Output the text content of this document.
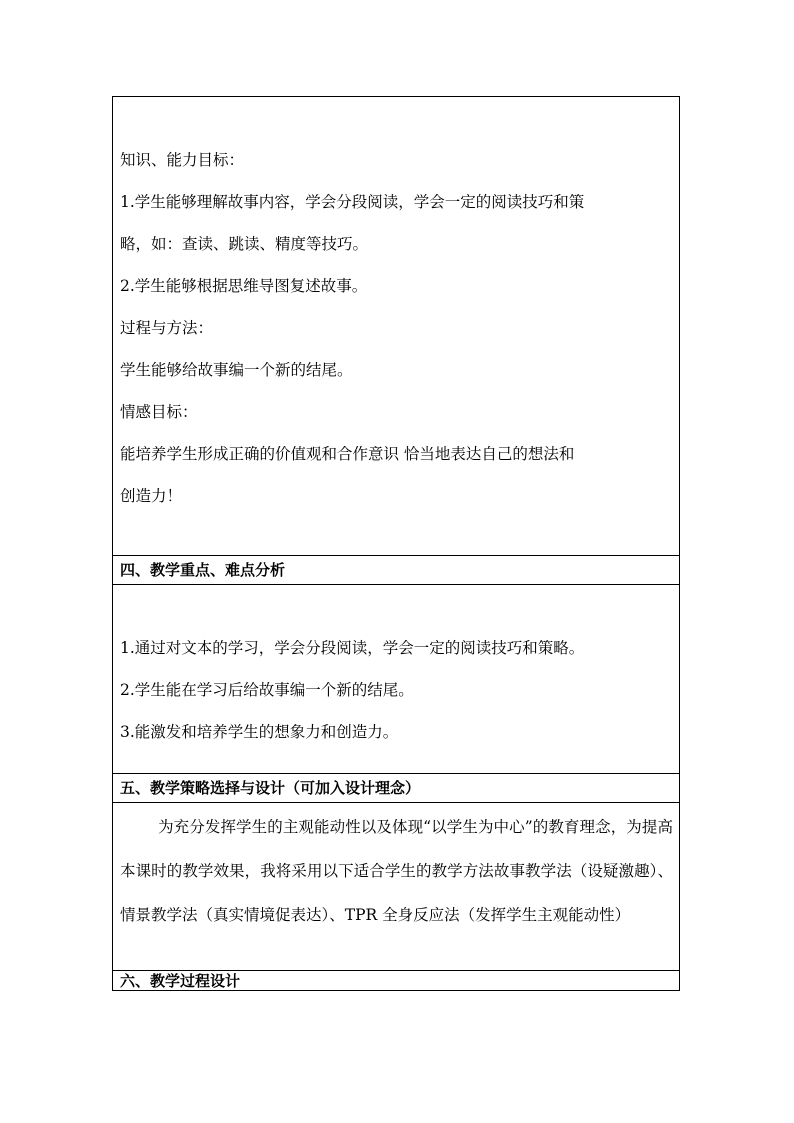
知识、能力目标：
1.学生能够理解故事内容，学会分段阅读，学会一定的阅读技巧和策
略，如：查读、跳读、精度等技巧。
2.学生能够根据思维导图复述故事。
过程与方法：
学生能够给故事编一个新的结尾。
情感目标：
能培养学生形成正确的价值观和合作意识 恰当地表达自己的想法和
创造力！
四、教学重点、难点分析
1.通过对文本的学习，学会分段阅读，学会一定的阅读技巧和策略。
2.学生能在学习后给故事编一个新的结尾。
3.能激发和培养学生的想象力和创造力。
五、教学策略选择与设计（可加入设计理念）
为充分发挥学生的主观能动性以及体现“以学生为中心”的教育理念，为提高本课时的教学效果，我将采用以下适合学生的教学方法故事教学法（设疑激趣）、情景教学法（真实情境促表达）、TPR 全身反应法（发挥学生主观能动性）
六、教学过程设计
